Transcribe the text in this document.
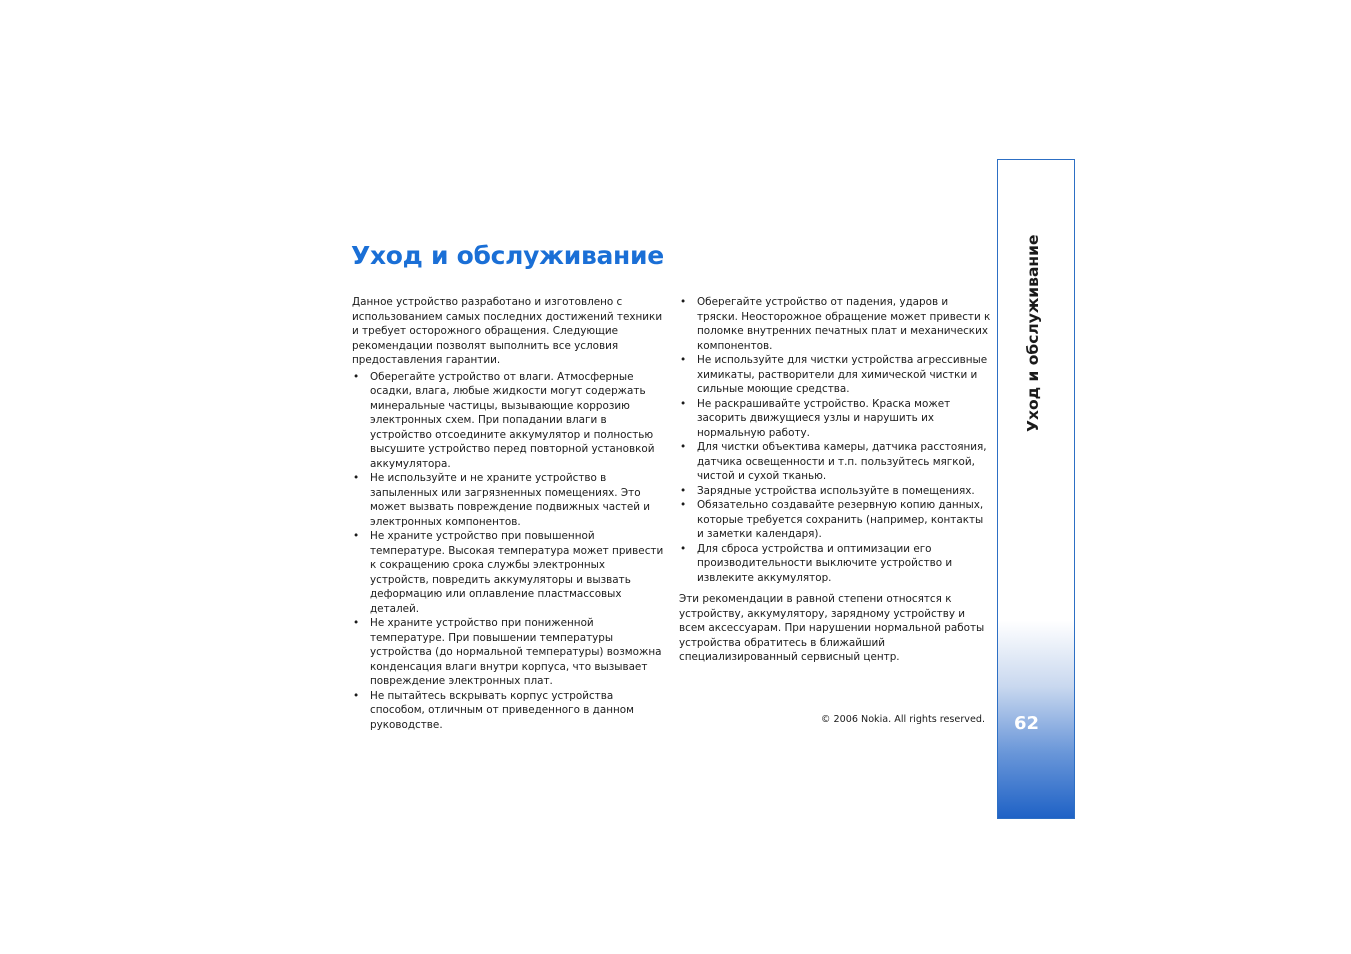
Уход и обслуживание

Данное устройство разработано и изготовлено с использованием самых последних достижений техники и требует осторожного обращения. Следующие рекомендации позволят выполнить все условия предоставления гарантии.

• Оберегайте устройство от влаги. Атмосферные осадки, влага, любые жидкости могут содержать минеральные частицы, вызывающие коррозию электронных схем. При попадании влаги в устройство отсоедините аккумулятор и полностью высушите устройство перед повторной установкой аккумулятора.
• Не используйте и не храните устройство в запыленных или загрязненных помещениях. Это может вызвать повреждение подвижных частей и электронных компонентов.
• Не храните устройство при повышенной температуре. Высокая температура может привести к сокращению срока службы электронных устройств, повредить аккумуляторы и вызвать деформацию или оплавление пластмассовых деталей.
• Не храните устройство при пониженной температуре. При повышении температуры устройства (до нормальной температуры) возможна конденсация влаги внутри корпуса, что вызывает повреждение электронных плат.
• Не пытайтесь вскрывать корпус устройства способом, отличным от приведенного в данном руководстве.
• Оберегайте устройство от падения, ударов и тряски. Неосторожное обращение может привести к поломке внутренних печатных плат и механических компонентов.
• Не используйте для чистки устройства агрессивные химикаты, растворители для химической чистки и сильные моющие средства.
• Не раскрашивайте устройство. Краска может засорить движущиеся узлы и нарушить их нормальную работу.
• Для чистки объектива камеры, датчика расстояния, датчика освещенности и т.п. пользуйтесь мягкой, чистой и сухой тканью.
• Зарядные устройства используйте в помещениях.
• Обязательно создавайте резервную копию данных, которые требуется сохранить (например, контакты и заметки календаря).
• Для сброса устройства и оптимизации его производительности выключите устройство и извлеките аккумулятор.

Эти рекомендации в равной степени относятся к устройству, аккумулятору, зарядному устройству и всем аксессуарам. При нарушении нормальной работы устройства обратитесь в ближайший специализированный сервисный центр.

© 2006 Nokia. All rights reserved.
Уход и обслуживание
62
